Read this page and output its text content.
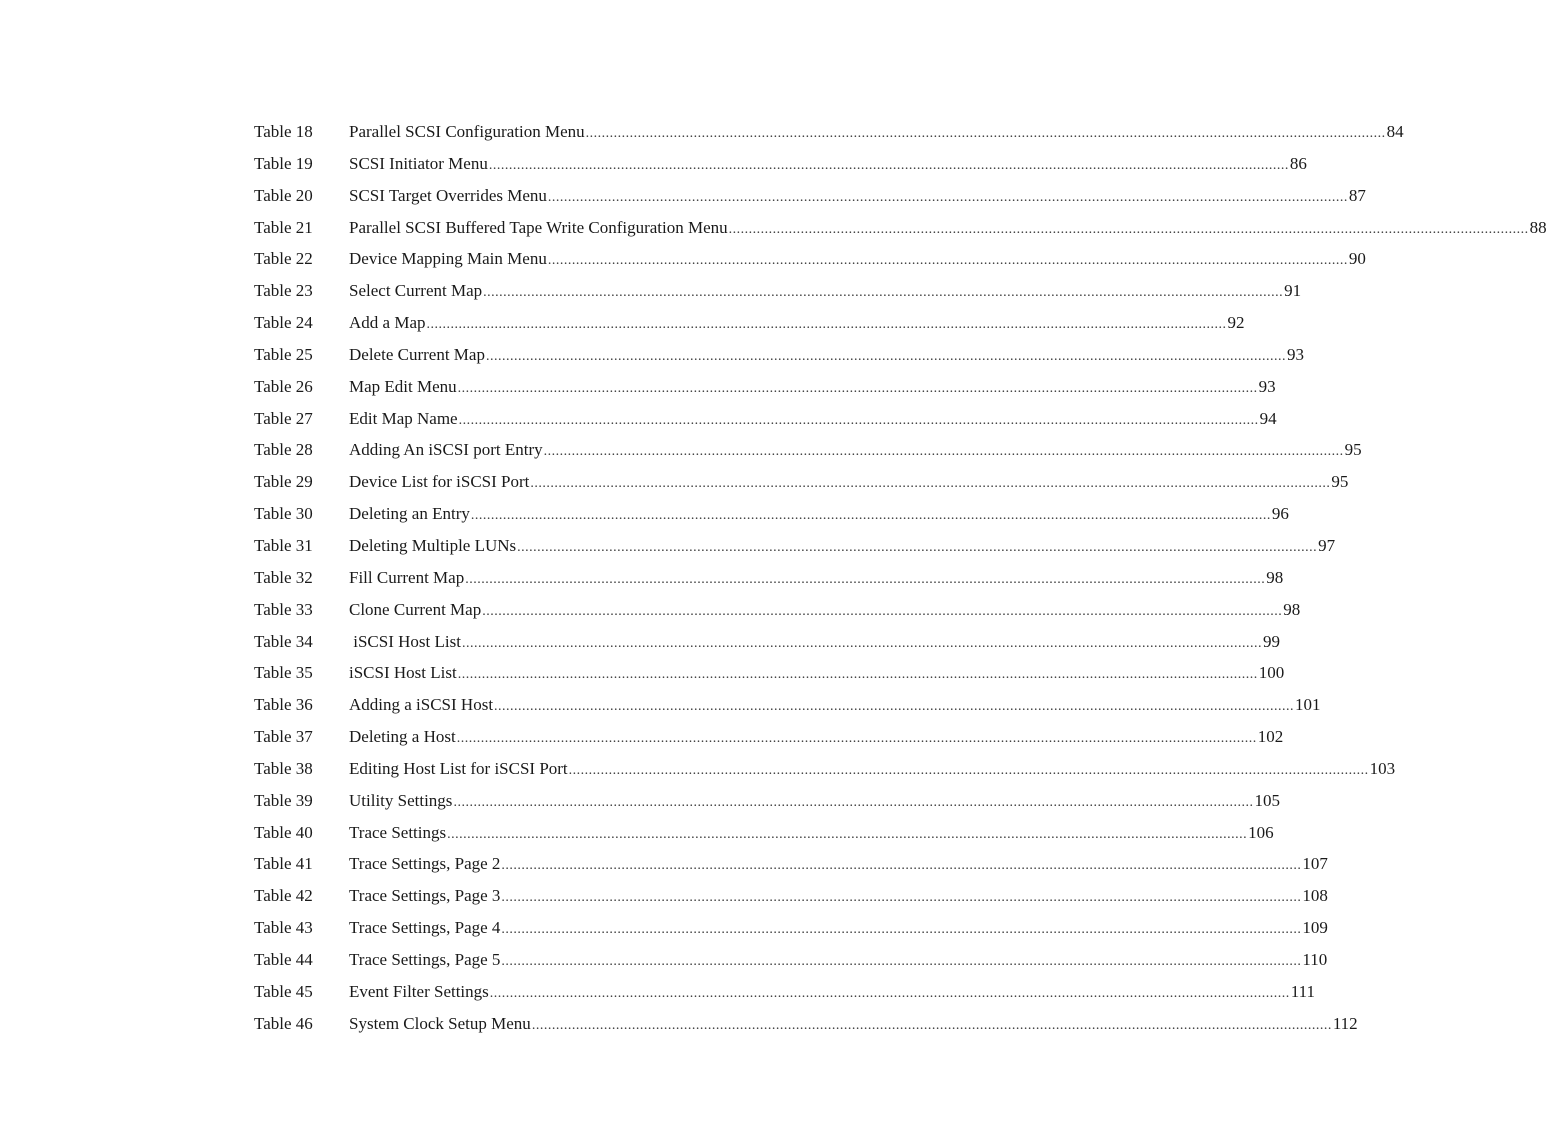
Table 18	Parallel SCSI Configuration Menu ........................................................................................................................................................................................................ 84
Table 19	SCSI Initiator Menu ........................................................................................................................................................................................................ 86
Table 20	SCSI Target Overrides Menu ........................................................................................................................................................................................................ 87
Table 21	Parallel SCSI Buffered Tape Write Configuration Menu ........................................................................................................................................................................................................ 88
Table 22	Device Mapping Main Menu ........................................................................................................................................................................................................ 90
Table 23	Select Current Map ........................................................................................................................................................................................................ 91
Table 24	Add a Map ........................................................................................................................................................................................................ 92
Table 25	Delete Current Map ........................................................................................................................................................................................................ 93
Table 26	Map Edit Menu ........................................................................................................................................................................................................ 93
Table 27	Edit Map Name ........................................................................................................................................................................................................ 94
Table 28	Adding An iSCSI port Entry ........................................................................................................................................................................................................ 95
Table 29	Device List for iSCSI Port ........................................................................................................................................................................................................ 95
Table 30	Deleting an Entry ........................................................................................................................................................................................................ 96
Table 31	Deleting Multiple LUNs ........................................................................................................................................................................................................ 97
Table 32	Fill Current Map ........................................................................................................................................................................................................ 98
Table 33	Clone Current Map ........................................................................................................................................................................................................ 98
Table 34	iSCSI Host List ........................................................................................................................................................................................................ 99
Table 35	iSCSI Host List ........................................................................................................................................................................................................ 100
Table 36	Adding a iSCSI Host ........................................................................................................................................................................................................ 101
Table 37	Deleting a Host ........................................................................................................................................................................................................ 102
Table 38	Editing Host List for iSCSI Port ........................................................................................................................................................................................................ 103
Table 39	Utility Settings ........................................................................................................................................................................................................ 105
Table 40	Trace Settings ........................................................................................................................................................................................................ 106
Table 41	Trace Settings, Page 2 ........................................................................................................................................................................................................ 107
Table 42	Trace Settings, Page 3 ........................................................................................................................................................................................................ 108
Table 43	Trace Settings, Page 4 ........................................................................................................................................................................................................ 109
Table 44	Trace Settings, Page 5 ........................................................................................................................................................................................................ 110
Table 45	Event Filter Settings ........................................................................................................................................................................................................ 111
Table 46	System Clock Setup Menu ........................................................................................................................................................................................................ 112
